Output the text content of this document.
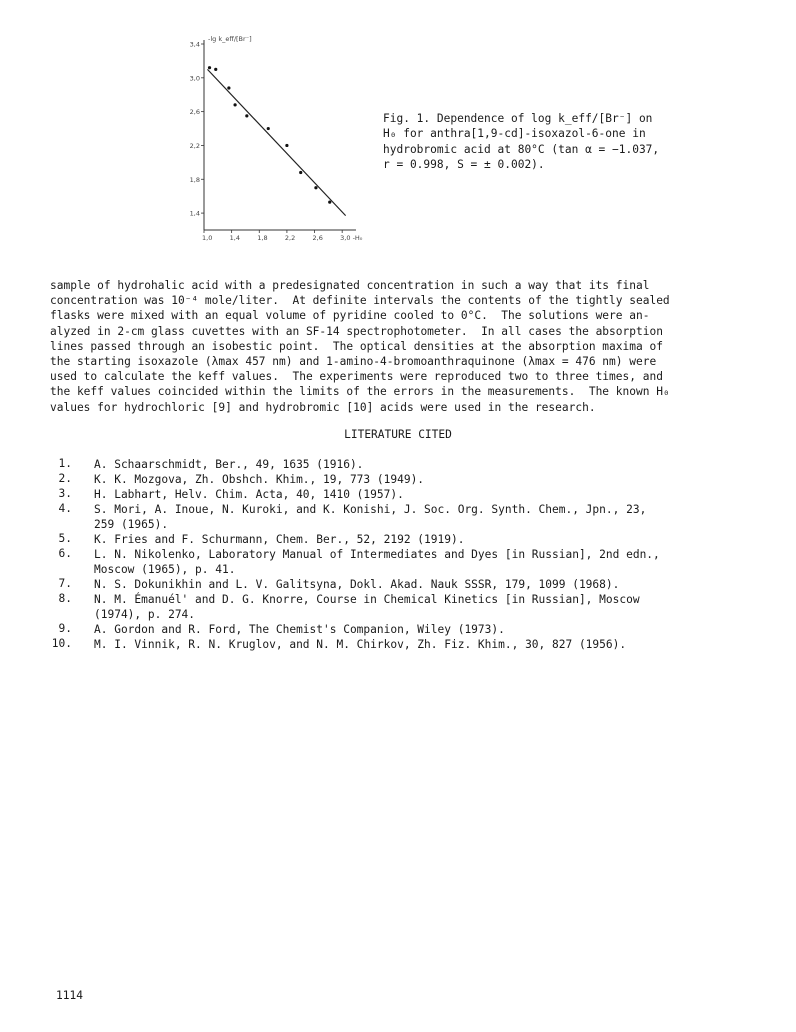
1,4
1,8
2,2
2,6
3,0
3,4
1,0	1,4	1,8	2,2	2,6	3,0 -H₀
-lg k_eff/[Br⁻]
Fig. 1. Dependence of log k_eff/[Br⁻] on
H₀ for anthra[1,9-cd]-isoxazol-6-one in
hydrobromic acid at 80°C (tan α = −1.037,
r = 0.998, S = ± 0.002).
sample of hydrohalic acid with a predesignated concentration in such a way that its final
concentration was 10⁻⁴ mole/liter.  At definite intervals the contents of the tightly sealed
flasks were mixed with an equal volume of pyridine cooled to 0°C.  The solutions were an-
alyzed in 2-cm glass cuvettes with an SF-14 spectrophotometer.  In all cases the absorption
lines passed through an isobestic point.  The optical densities at the absorption maxima of
the starting isoxazole (λmax 457 nm) and 1-amino-4-bromoanthraquinone (λmax = 476 nm) were
used to calculate the keff values.  The experiments were reproduced two to three times, and
the keff values coincided within the limits of the errors in the measurements.  The known H₀
values for hydrochloric [9] and hydrobromic [10] acids were used in the research.
LITERATURE CITED
1. A. Schaarschmidt, Ber., 49, 1635 (1916).
2. K. K. Mozgova, Zh. Obshch. Khim., 19, 773 (1949).
3. H. Labhart, Helv. Chim. Acta, 40, 1410 (1957).
4. S. Mori, A. Inoue, N. Kuroki, and K. Konishi, J. Soc. Org. Synth. Chem., Jpn., 23,
259 (1965).
5. K. Fries and F. Schurmann, Chem. Ber., 52, 2192 (1919).
6. L. N. Nikolenko, Laboratory Manual of Intermediates and Dyes [in Russian], 2nd edn.,
Moscow (1965), p. 41.
7. N. S. Dokunikhin and L. V. Galitsyna, Dokl. Akad. Nauk SSSR, 179, 1099 (1968).
8. N. M. Émanuél' and D. G. Knorre, Course in Chemical Kinetics [in Russian], Moscow
(1974), p. 274.
9. A. Gordon and R. Ford, The Chemist's Companion, Wiley (1973).
10. M. I. Vinnik, R. N. Kruglov, and N. M. Chirkov, Zh. Fiz. Khim., 30, 827 (1956).
1114
